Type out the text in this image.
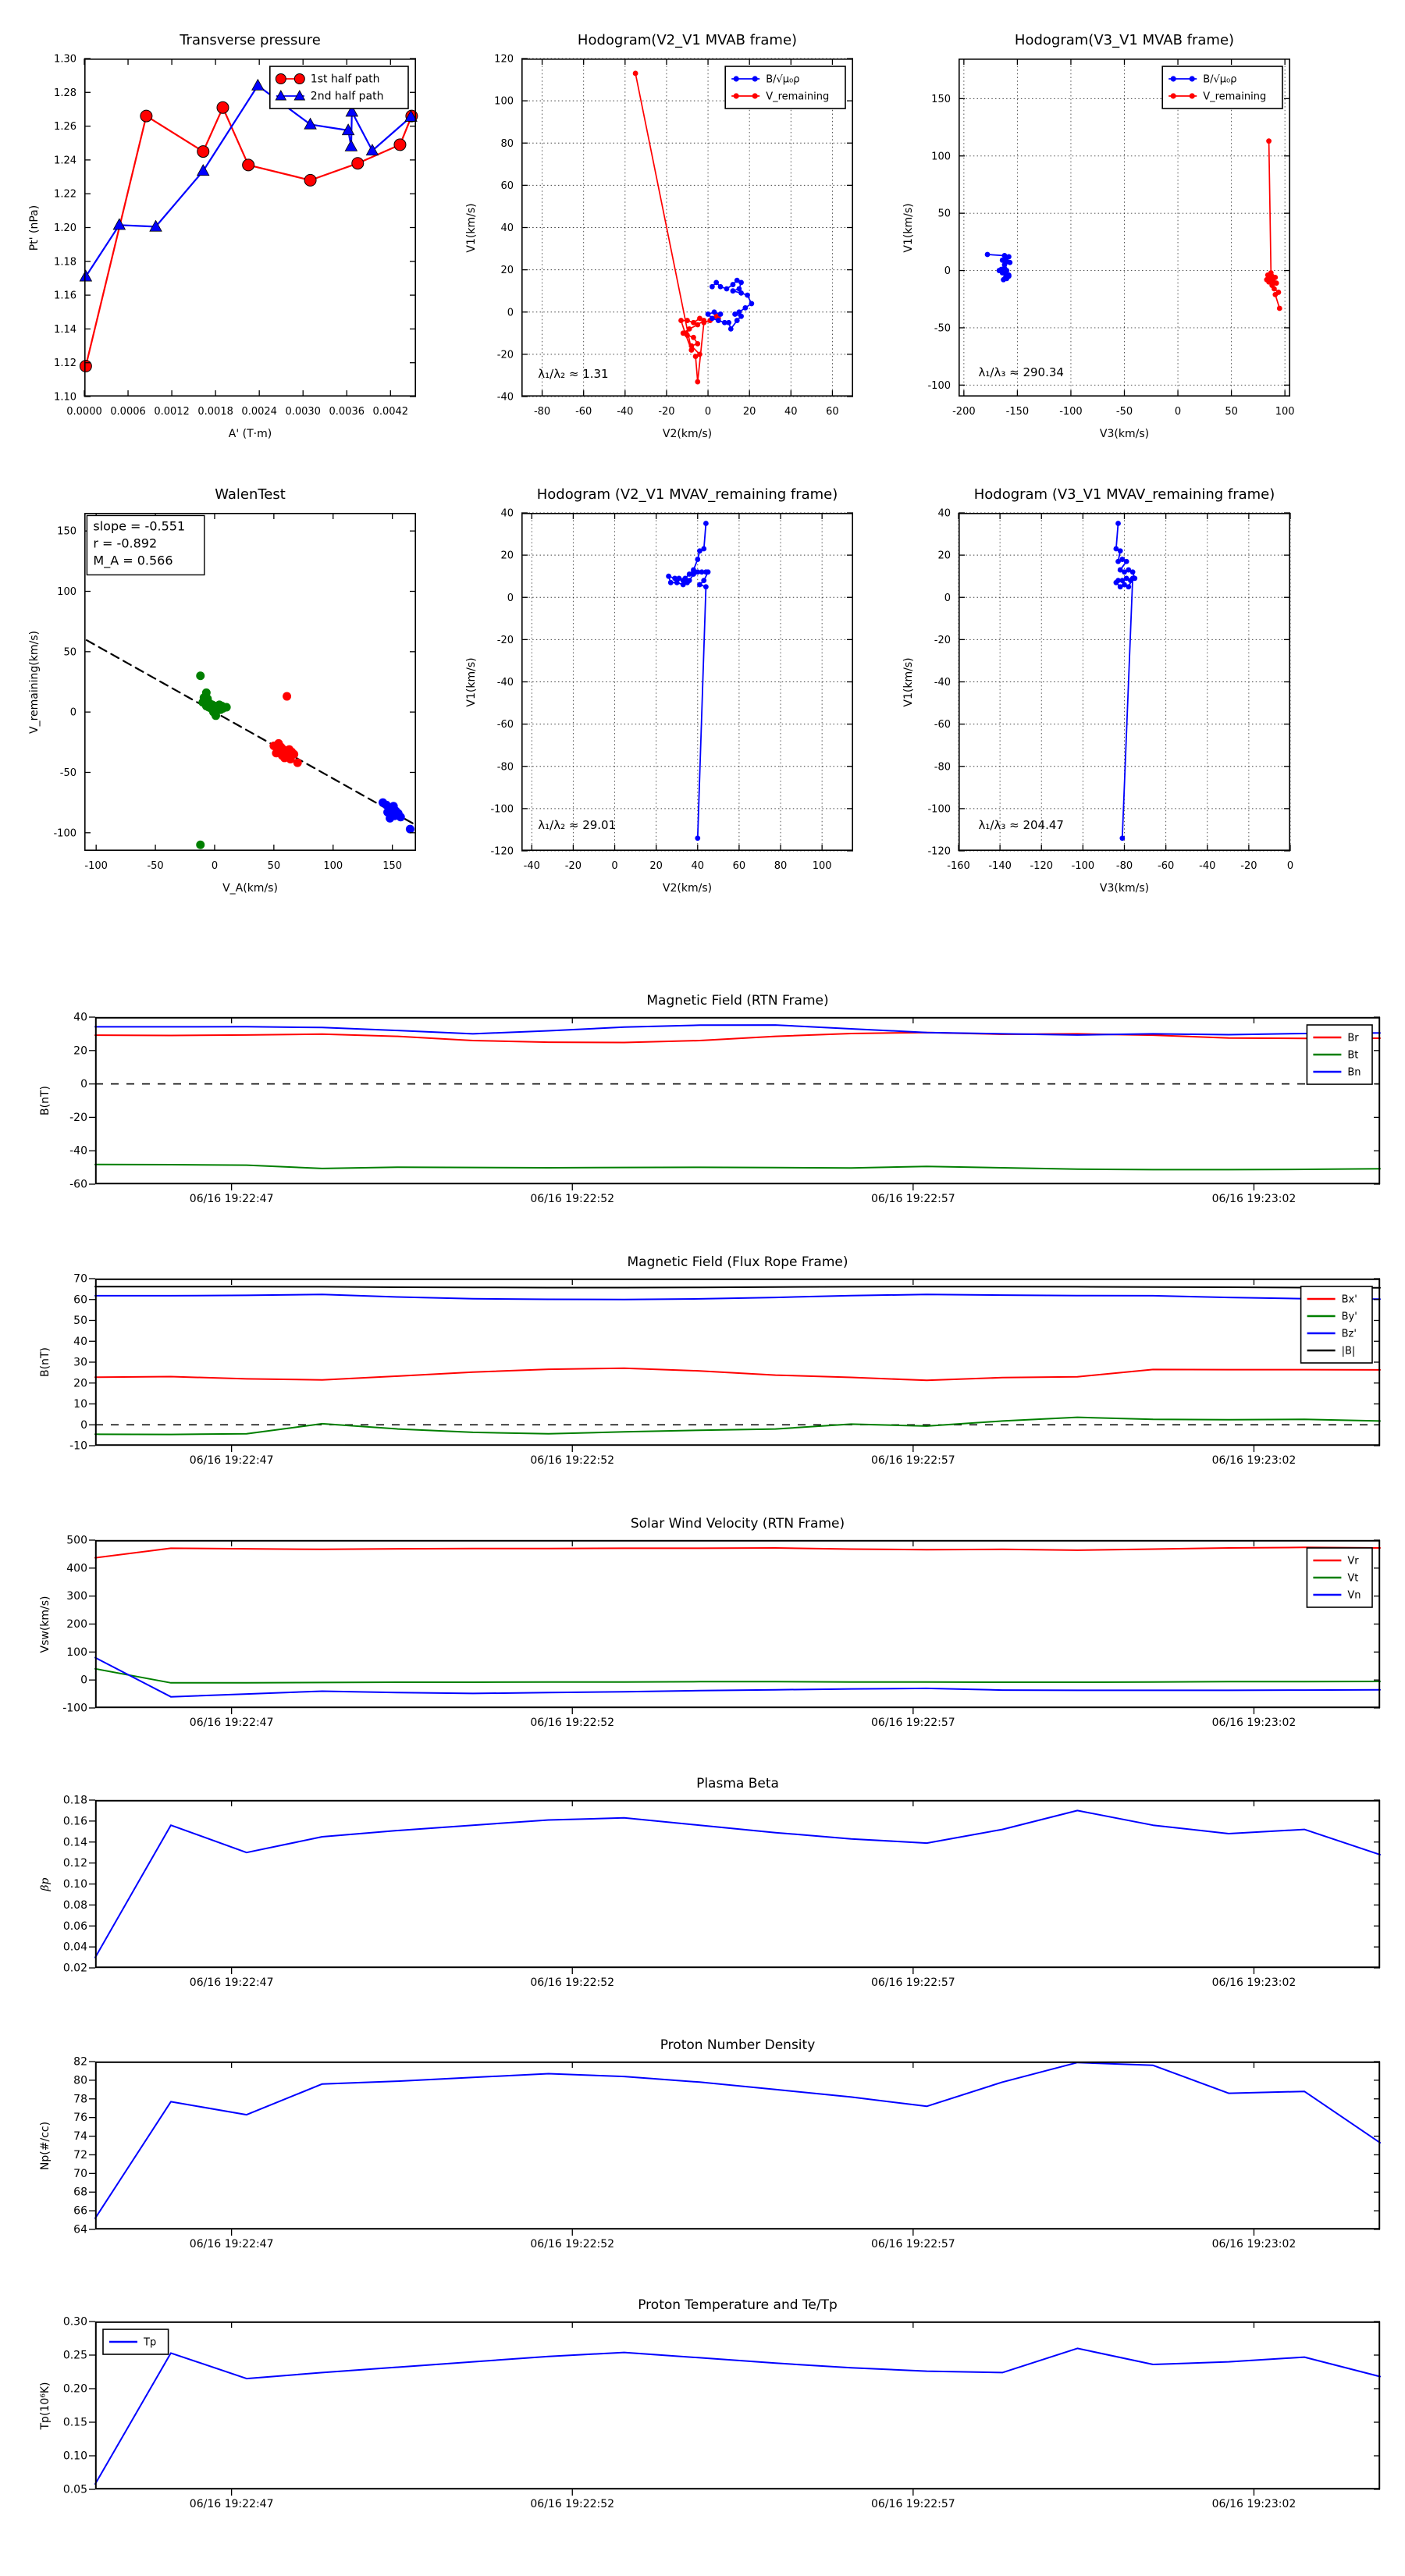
Transverse pressure
Pt' (nPa)
A' (T·m)
0.0000 0.0006 0.0012 0.0018 0.0024 0.0030 0.0036 0.0042
1.10
1.12
1.14
1.16
1.18
1.20
1.22
1.24
1.26
1.28
1.30
1st half path
2nd half path
Hodogram(V2_V1 MVAB frame)
V1(km/s)
V2(km/s)
-80 -60 -40 -20	0	20	40	60
-40
-20
0
20
40
60
80
100
120
λ₁/λ₂ ≈ 1.31
B/√μ₀ρ
V_remaining
Hodogram(V3_V1 MVAB frame)
V1(km/s)
V3(km/s)
-200	-150	-100	-50	0	50	100
-100
-50
0
50
100
150
λ₁/λ₃ ≈ 290.34
B/√μ₀ρ
V_remaining
WalenTest
V_remaining(km/s)
V_A(km/s)
-100	-50	0	50	100	150
-100
-50
0
50
100
150 slope = -0.551
r = -0.892
M_A = 0.566
Hodogram (V2_V1 MVAV_remaining frame)
V1(km/s)
V2(km/s)
-40 -20	0	20	40	60	80 100
-120
-100
-80
-60
-40
-20
0
20
40
λ₁/λ₂ ≈ 29.01
Hodogram (V3_V1 MVAV_remaining frame)
V1(km/s)
V3(km/s)
-160 -140 -120 -100 -80 -60 -40 -20	0
-120
-100
-80
-60
-40
-20
0
20
40
λ₁/λ₃ ≈ 204.47
Magnetic Field (RTN Frame)
B(nT)
06/16 19:22:47	06/16 19:22:52	06/16 19:22:57	06/16 19:23:02
-60
-40
-20
0
20
40
Br
Bt
Bn
Magnetic Field (Flux Rope Frame)
B(nT)
06/16 19:22:47	06/16 19:22:52	06/16 19:22:57	06/16 19:23:02
-10
0
10
20
30
40
50
60
70
Bx'
By'
Bz'
|B|
Solar Wind Velocity (RTN Frame)
Vsw(km/s)
06/16 19:22:47	06/16 19:22:52	06/16 19:22:57	06/16 19:23:02
-100
0
100
200
300
400
500
Vr
Vt
Vn
Plasma Beta
βp
06/16 19:22:47	06/16 19:22:52	06/16 19:22:57	06/16 19:23:02
0.02
0.04
0.06
0.08
0.10
0.12
0.14
0.16
0.18
Proton Number Density
Np(#/cc)
06/16 19:22:47	06/16 19:22:52	06/16 19:22:57	06/16 19:23:02
64
66
68
70
72
74
76
78
80
82
Proton Temperature and Te/Tp
Tp(10⁶K)
06/16 19:22:47	06/16 19:22:52	06/16 19:22:57	06/16 19:23:02
0.05
0.10
0.15
0.20
0.25
0.30
Tp
